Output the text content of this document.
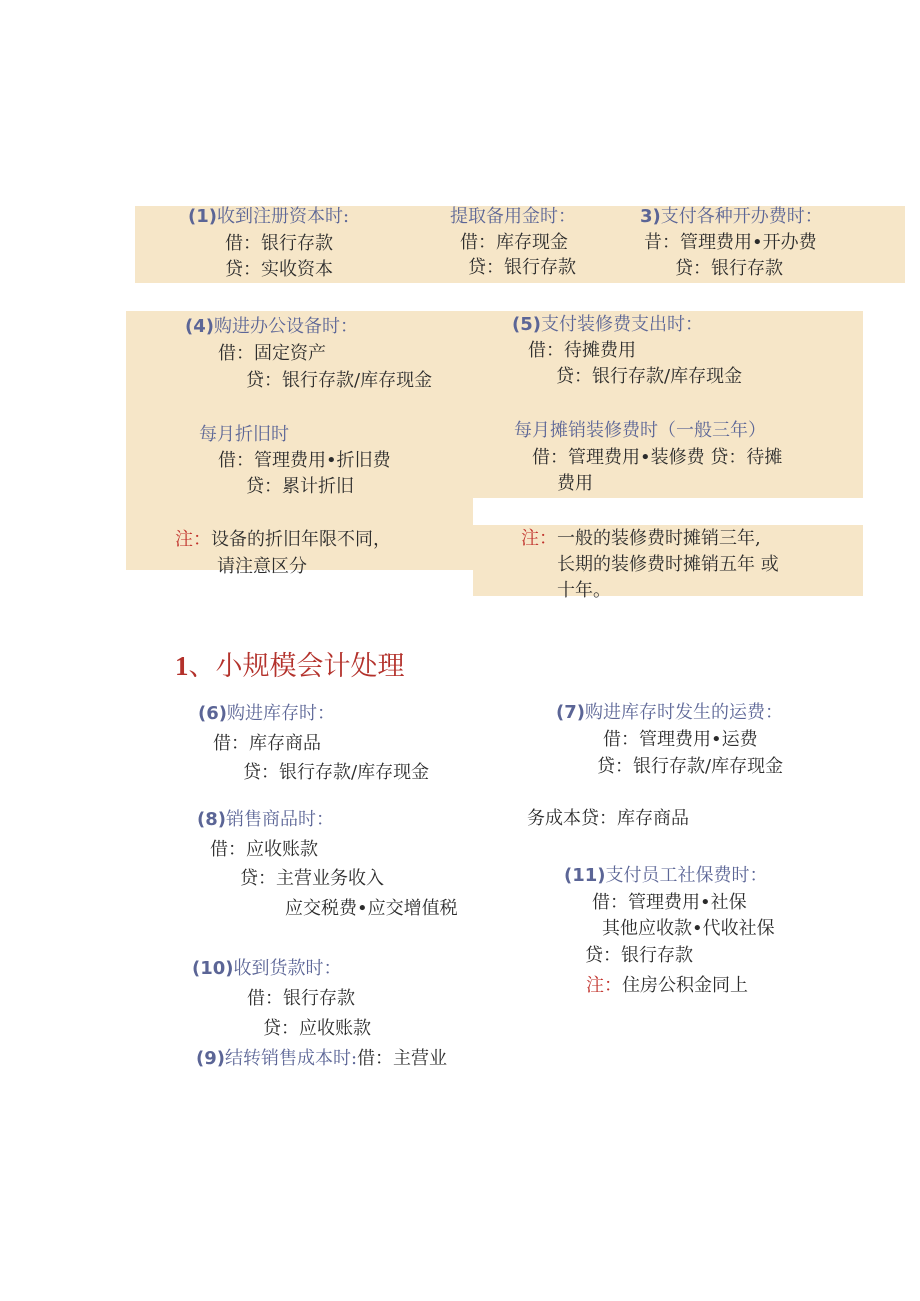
(1)收到注册资本时:
借：银行存款
贷：实收资本
提取备用金时：
借：库存现金
贷：银行存款
3)支付各种开办费时：
昔：管理费用•开办费
贷：银行存款
(4)购进办公设备时：
借：固定资产
贷：银行存款/库存现金
每月折旧时
借：管理费用•折旧费
贷：累计折旧
注：设备的折旧年限不同，
请注意区分
(5)支付装修费支出时：
借：待摊费用
贷：银行存款/库存现金
每月摊销装修费时（一般三年）
借：管理费用•装修费 贷：待摊
费用
注：一般的装修费时摊销三年,
长期的装修费时摊销五年 或
十年。
1、小规模会计处理
(6)购进库存时：
借：库存商品
贷：银行存款/库存现金
(7)购进库存时发生的运费：
借：管理费用•运费
贷：银行存款/库存现金
(8)销售商品时：
借：应收账款
贷：主营业务收入
应交税费•应交增值税
务成本贷：库存商品
(11)支付员工社保费时：
借：管理费用•社保
其他应收款•代收社保
贷：银行存款
注：住房公积金同上
(10)收到货款时：
借：银行存款
贷：应收账款
(9)结转销售成本时:借：主营业
